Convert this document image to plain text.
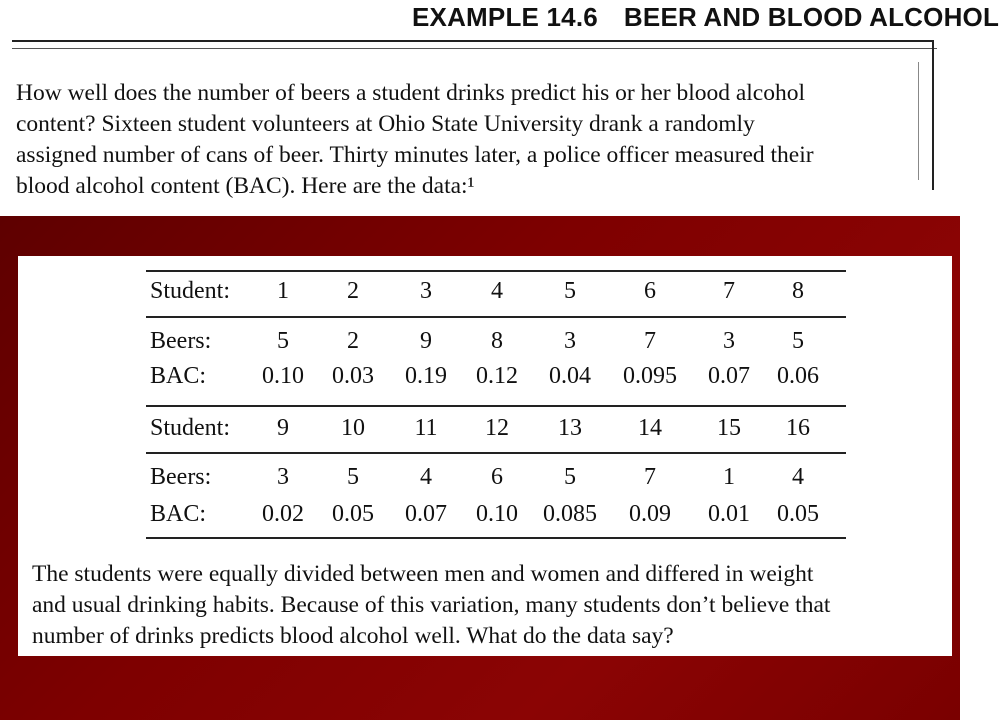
EXAMPLE 14.6 BEER AND BLOOD ALCOHOL

How well does the number of beers a student drinks predict his or her blood alcohol

content? Sixteen student volunteers at Ohio State University drank a randomly

assigned number of cans of beer. Thirty minutes later, a police officer measured their

blood alcohol content (BAC). Here are the data:¹

Student:	1	2	3	4	5	6	7	8
Beers:	5	2	9	8	3	7	3	5
BAC:	0.10	0.03	0.19	0.12	0.04	0.095	0.07	0.06
Student:	9	10	11	12	13	14	15	16
Beers:	3	5	4	6	5	7	1	4
BAC:	0.02	0.05	0.07	0.10	0.085	0.09	0.01	0.05

The students were equally divided between men and women and differed in weight

and usual drinking habits. Because of this variation, many students don’t believe that

number of drinks predicts blood alcohol well. What do the data say?
